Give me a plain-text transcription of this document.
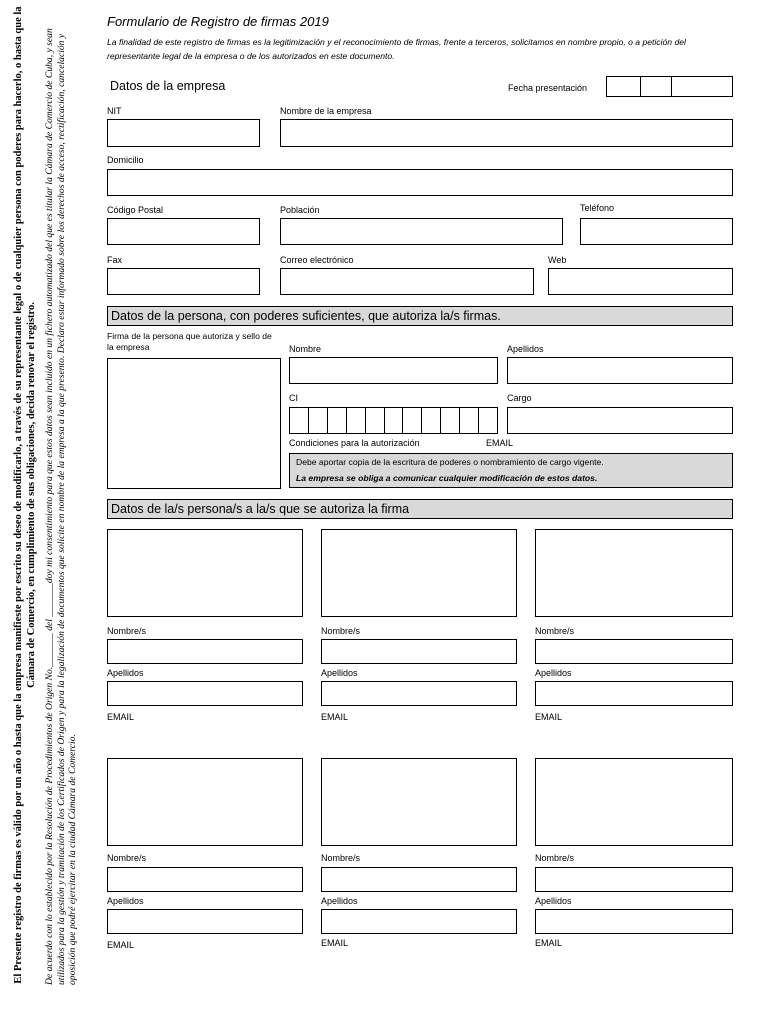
El Presente registro de firmas es válido por un año o hasta que la empresa manifieste por escrito su deseo de modificarlo, a través de su representante legal o de cualquier persona con poderes para hacerlo, o hasta que la Cámara de Comercio, en cumplimiento de sus obligaciones, decida renovar el registro. De acuerdo con lo establecido por la Resolución de Procedimientos de Origen No._______ del _______doy mi consentimiento para que estos datos sean incluido en un fichero automatizado del que es titular la Cámara de Comercio de Cuba, y sean utilizados para la gestión y tramitación de los Certificados de Origen y para la legalización de documentos que solicite en nombre de la empresa a la que presento. Declaro estar informado sobre los derechos de acceso, rectificación, cancelación y oposición que podré ejercitar en la ciudad Cámara de Comercio.
Formulario de Registro de firmas 2019
La finalidad de este registro de firmas es la legitimización y el reconocimiento de firmas, frente a terceros, solicitamos en nombre propio, o a petición del representante legal de la empresa o de los autorizados en este documento.
Datos de la empresa	Fecha presentación
NIT	Nombre de la empresa
Domicilio
Código Postal	Población	Teléfono
Fax	Correo electrónico	Web
Datos de la persona, con poderes suficientes, que autoriza la/s firmas.
Firma de la persona que autoriza y sello de la empresa	Nombre	Apellidos
CI	Cargo
Condiciones para la autorización	EMAIL
Debe aportar copia de la escritura de poderes o nombramiento de cargo vigente.
La empresa se obliga a comunicar cualquier modificación de estos datos.
Datos de la/s persona/s a la/s que se autoriza la firma
Nombre/s	Nombre/s	Nombre/s
Apellidos	Apellidos	Apellidos
EMAIL	EMAIL	EMAIL
Nombre/s	Nombre/s	Nombre/s
Apellidos	Apellidos	Apellidos
EMAIL	EMAIL	EMAIL
